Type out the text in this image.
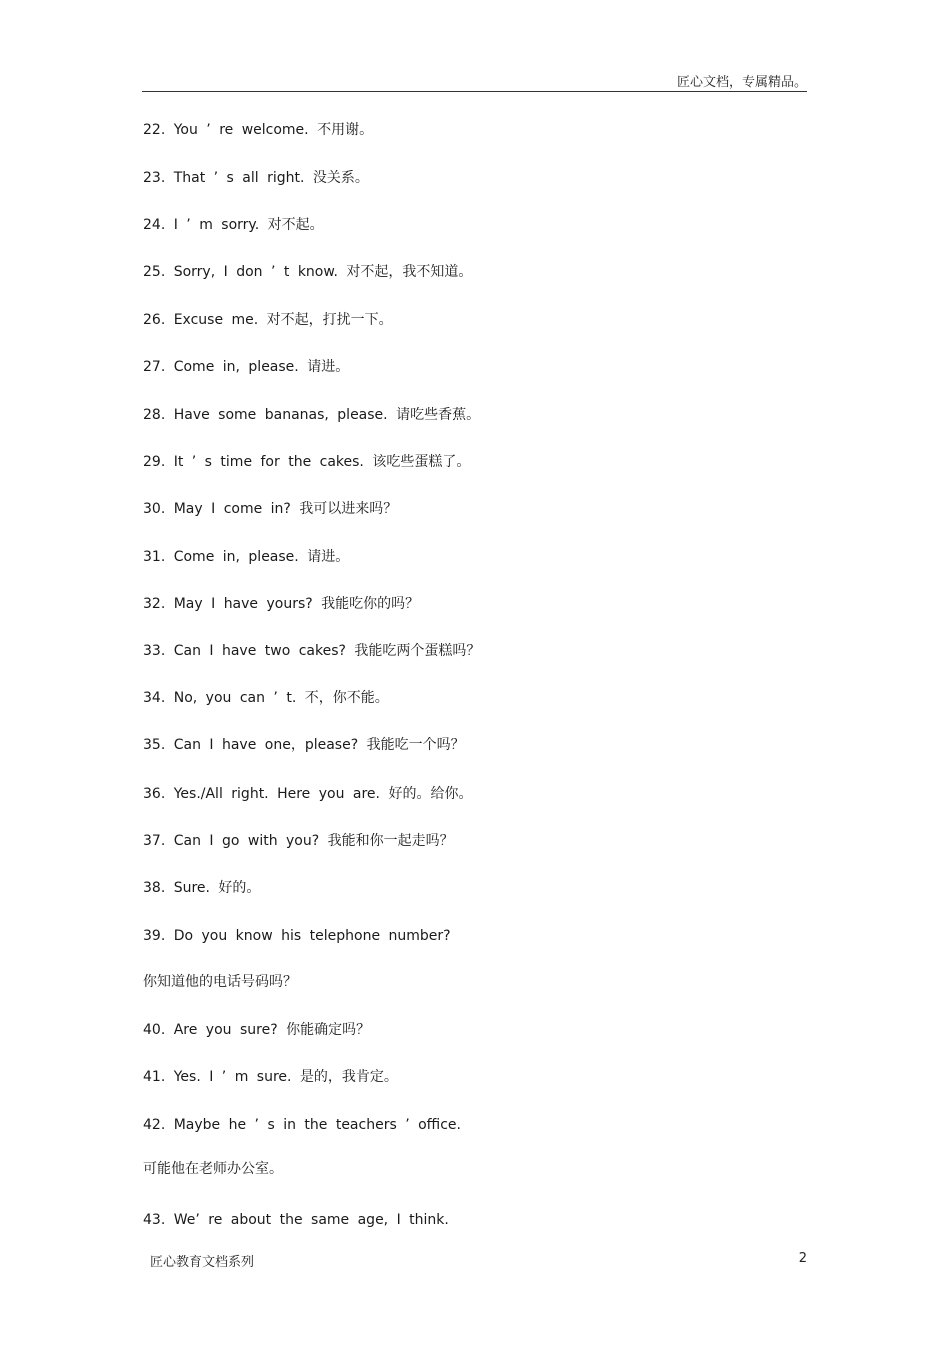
匠心文档，专属精品。
22. You ’ re welcome. 不用谢。
23. That ’ s all right. 没关系。
24. I ’ m sorry. 对不起。
25. Sorry, I don ’ t know. 对不起，我不知道。
26. Excuse me. 对不起，打扰一下。
27. Come in, please. 请进。
28. Have some bananas, please. 请吃些香蕉。
29. It ’ s time for the cakes. 该吃些蛋糕了。
30. May I come in? 我可以进来吗？
31. Come in, please. 请进。
32. May I have yours? 我能吃你的吗？
33. Can I have two cakes? 我能吃两个蛋糕吗？
34. No, you can ’ t. 不，你不能。
35. Can I have one，please? 我能吃一个吗？
36. Yes./All right. Here you are. 好的。给你。
37. Can I go with you? 我能和你一起走吗？
38. Sure. 好的。
39. Do you know his telephone number?
你知道他的电话号码吗？
40. Are you sure? 你能确定吗？
41. Yes. I ’ m sure. 是的，我肯定。
42. Maybe he ’ s in the teachers ’ office.
可能他在老师办公室。
43. We’ re about the same age, I think.
匠心教育文档系列	2
